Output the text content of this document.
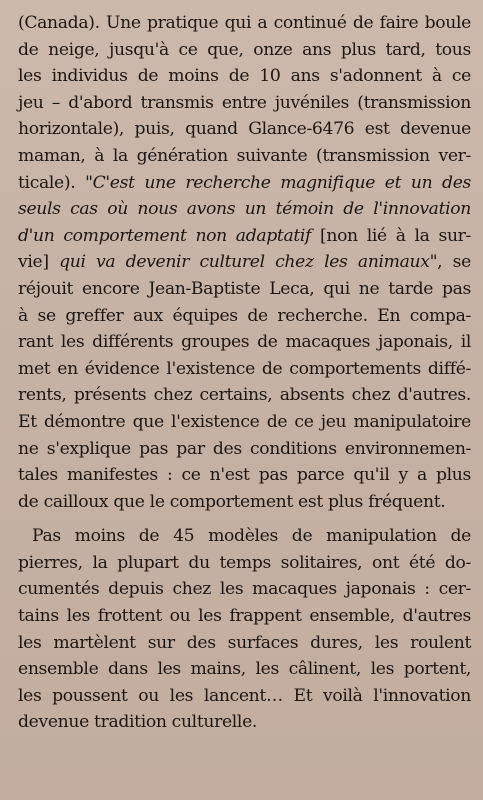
(Canada). Une pratique qui a continué de faire boule
de neige, jusqu'à ce que, onze ans plus tard, tous
les individus de moins de 10 ans s'adonnent à ce
jeu – d'abord transmis entre juvéniles (transmission
horizontale), puis, quand Glance-6476 est devenue
maman, à la génération suivante (transmission ver-
ticale). "C'est une recherche magnifique et un des
seuls cas où nous avons un témoin de l'innovation
d'un comportement non adaptatif [non lié à la sur-
vie] qui va devenir culturel chez les animaux", se
réjouit encore Jean-Baptiste Leca, qui ne tarde pas
à se greffer aux équipes de recherche. En compa-
rant les différents groupes de macaques japonais, il
met en évidence l'existence de comportements diffé-
rents, présents chez certains, absents chez d'autres.
Et démontre que l'existence de ce jeu manipulatoire
ne s'explique pas par des conditions environnemen-
tales manifestes : ce n'est pas parce qu'il y a plus
de cailloux que le comportement est plus fréquent.
Pas moins de 45 modèles de manipulation de
pierres, la plupart du temps solitaires, ont été do-
cumentés depuis chez les macaques japonais : cer-
tains les frottent ou les frappent ensemble, d'autres
les martèlent sur des surfaces dures, les roulent
ensemble dans les mains, les câlinent, les portent,
les poussent ou les lancent… Et voilà l'innovation
devenue tradition culturelle.
